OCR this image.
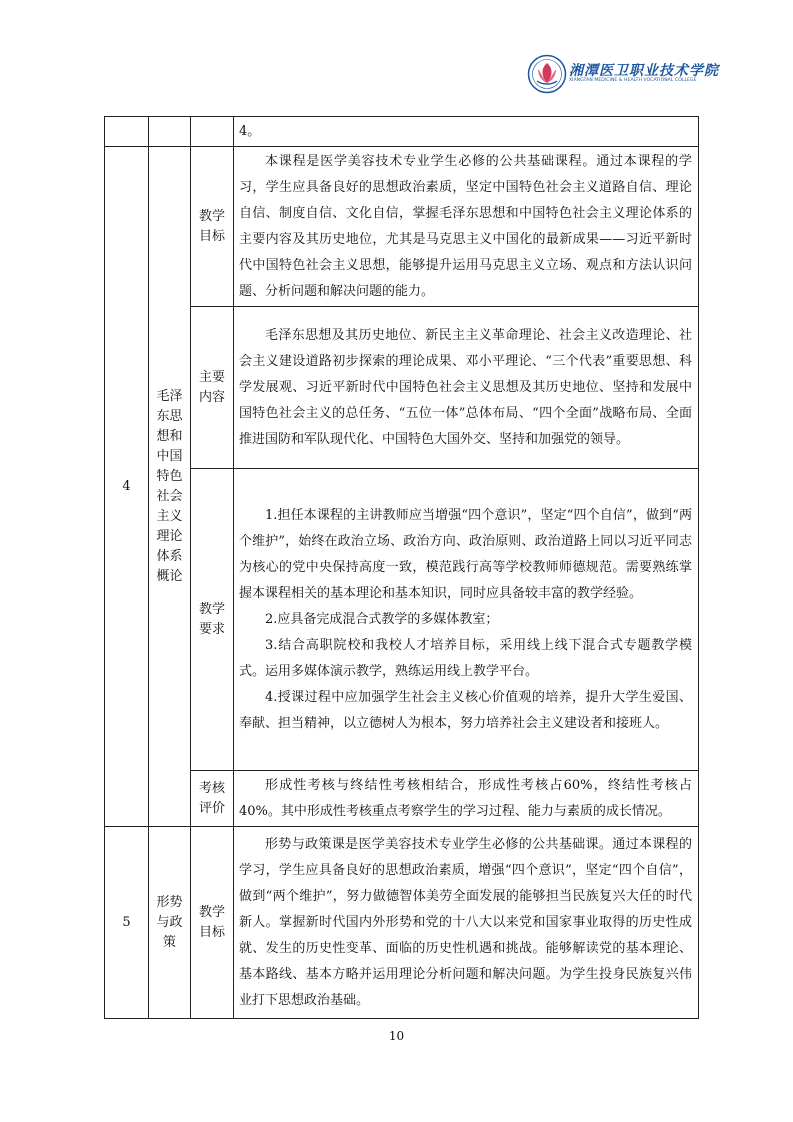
湘潭医卫职业技术学院
XIANGTAN MEDICINE & HEALTH VOCATIONAL COLLEGE

			4。

4	毛泽东思想和中国特色社会主义理论体系概论	教学目标	本课程是医学美容技术专业学生必修的公共基础课程。通过本课程的学习，学生应具备良好的思想政治素质，坚定中国特色社会主义道路自信、理论自信、制度自信、文化自信，掌握毛泽东思想和中国特色社会主义理论体系的主要内容及其历史地位，尤其是马克思主义中国化的最新成果——习近平新时代中国特色社会主义思想，能够提升运用马克思主义立场、观点和方法认识问题、分析问题和解决问题的能力。

		主要内容	毛泽东思想及其历史地位、新民主主义革命理论、社会主义改造理论、社会主义建设道路初步探索的理论成果、邓小平理论、“三个代表”重要思想、科学发展观、习近平新时代中国特色社会主义思想及其历史地位、坚持和发展中国特色社会主义的总任务、“五位一体”总体布局、“四个全面”战略布局、全面推进国防和军队现代化、中国特色大国外交、坚持和加强党的领导。

		教学要求	1.担任本课程的主讲教师应当增强“四个意识”，坚定“四个自信”，做到“两个维护”，始终在政治立场、政治方向、政治原则、政治道路上同以习近平同志为核心的党中央保持高度一致，模范践行高等学校教师师德规范。需要熟练掌握本课程相关的基本理论和基本知识，同时应具备较丰富的教学经验。

2.应具备完成混合式教学的多媒体教室；

3.结合高职院校和我校人才培养目标，采用线上线下混合式专题教学模式。运用多媒体演示教学，熟练运用线上教学平台。

4.授课过程中应加强学生社会主义核心价值观的培养，提升大学生爱国、奉献、担当精神，以立德树人为根本，努力培养社会主义建设者和接班人。

		考核评价	形成性考核与终结性考核相结合，形成性考核占60%，终结性考核占40%。其中形成性考核重点考察学生的学习过程、能力与素质的成长情况。

5	形势与政策	教学目标	形势与政策课是医学美容技术专业学生必修的公共基础课。通过本课程的学习，学生应具备良好的思想政治素质，增强“四个意识”，坚定“四个自信”，做到“两个维护”，努力做德智体美劳全面发展的能够担当民族复兴大任的时代新人。掌握新时代国内外形势和党的十八大以来党和国家事业取得的历史性成就、发生的历史性变革、面临的历史性机遇和挑战。能够解读党的基本理论、基本路线、基本方略并运用理论分析问题和解决问题。为学生投身民族复兴伟业打下思想政治基础。

10
